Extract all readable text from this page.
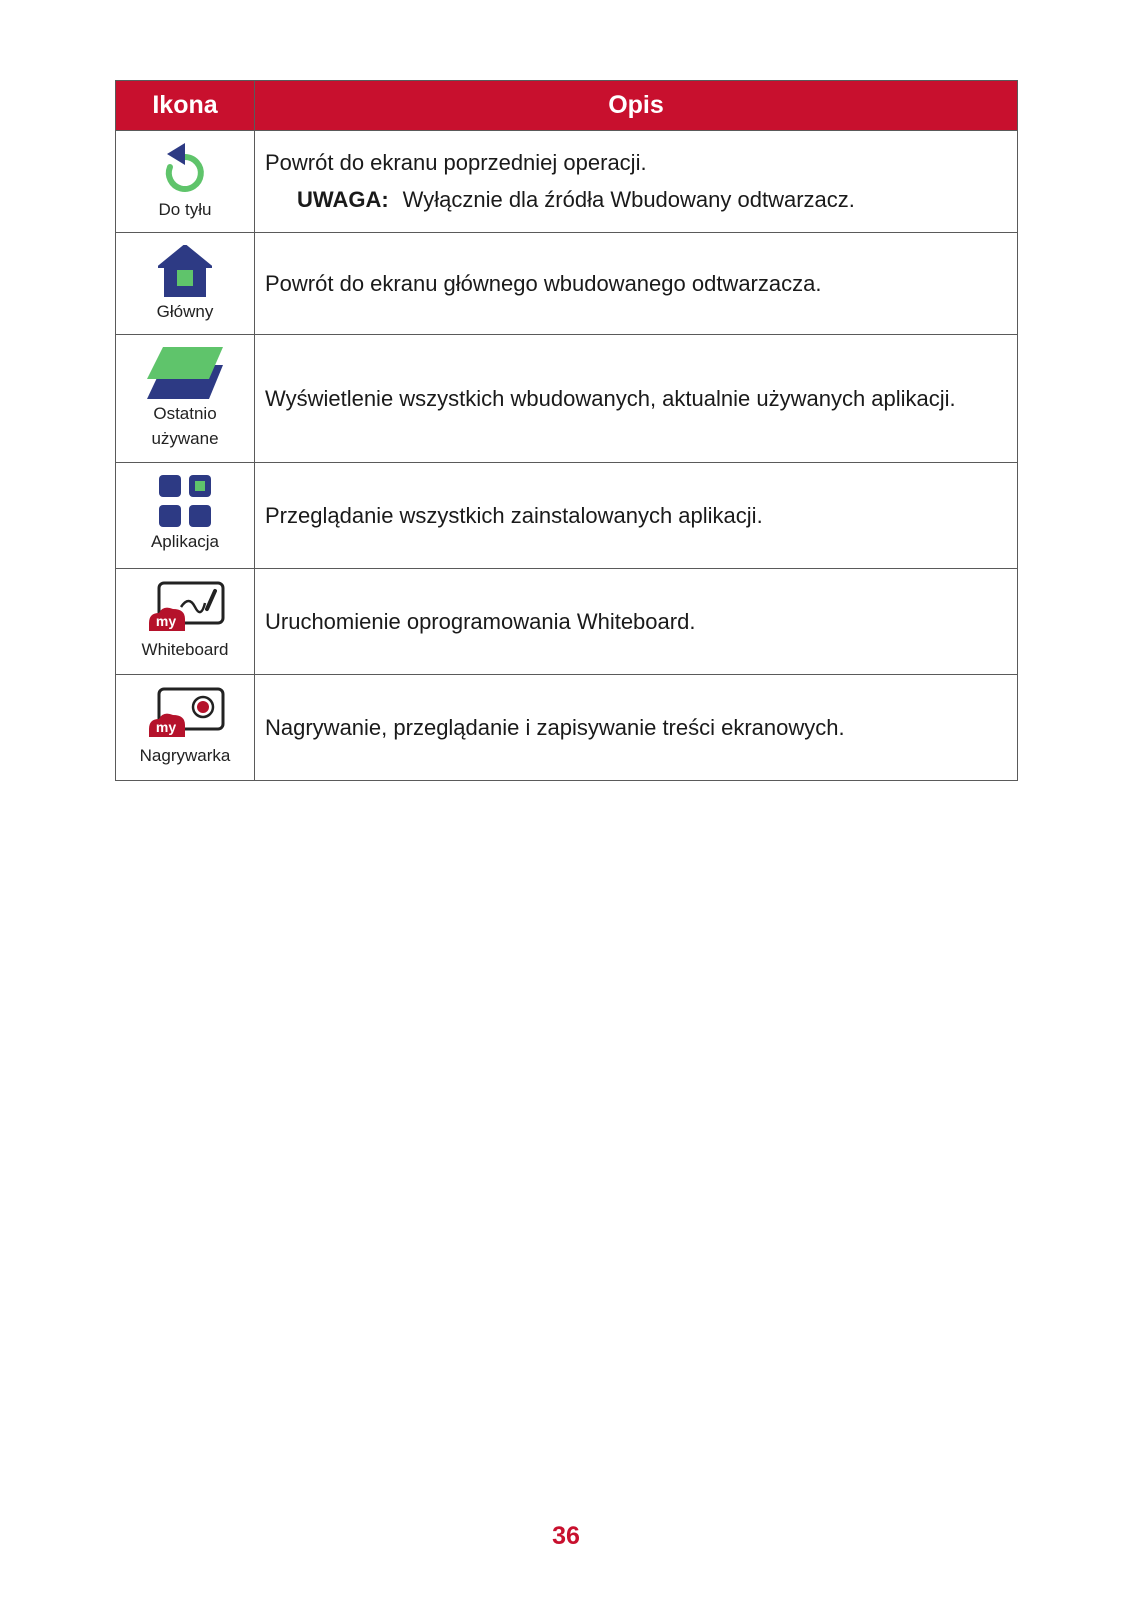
Ikona	Opis

Do tyłu	Powrót do ekranu poprzedniej operacji.
UWAGA: Wyłącznie dla źródła Wbudowany odtwarzacz.

Główny	Powrót do ekranu głównego wbudowanego odtwarzacza.

Ostatnio używane	Wyświetlenie wszystkich wbudowanych, aktualnie używanych aplikacji.

Aplikacja	Przeglądanie wszystkich zainstalowanych aplikacji.

my
Whiteboard	Uruchomienie oprogramowania Whiteboard.

my
Nagrywarka	Nagrywanie, przeglądanie i zapisywanie treści ekranowych.
36
